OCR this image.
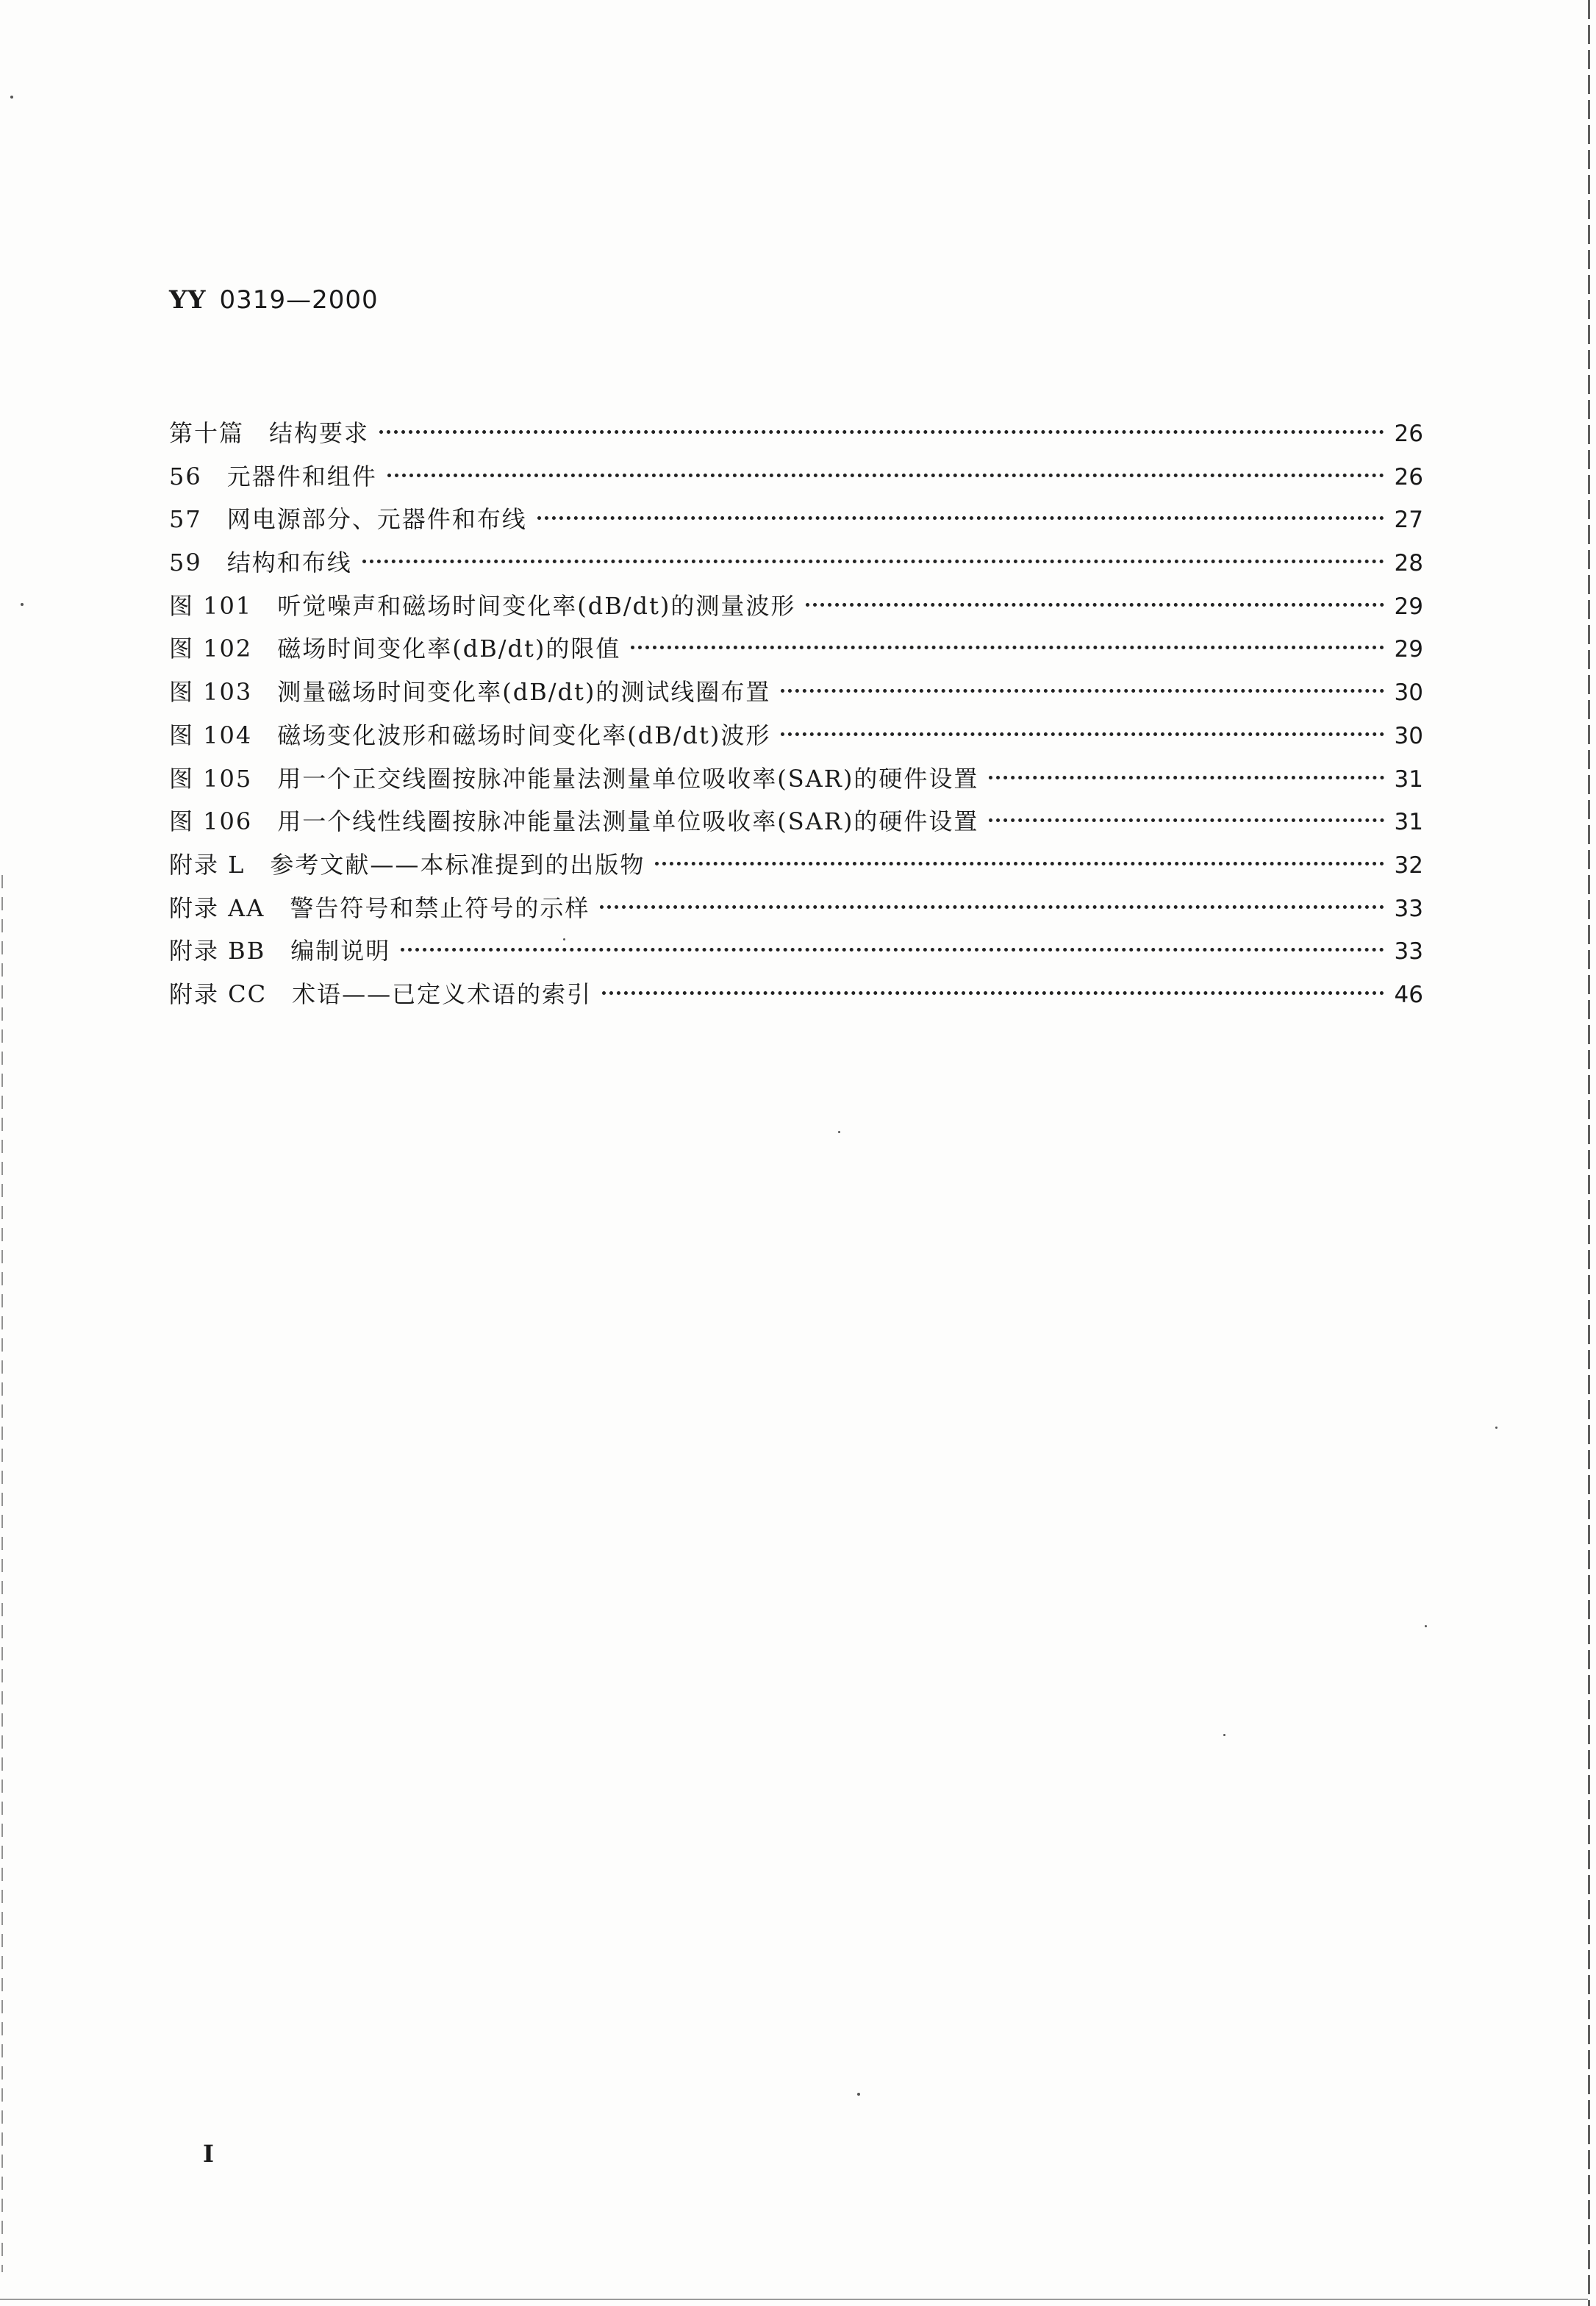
YY 0319—2000
第十篇　结构要求	26
56　元器件和组件	26
57　网电源部分、元器件和布线	27
59　结构和布线	28
图 101　听觉噪声和磁场时间变化率(dB/dt)的测量波形	29
图 102　磁场时间变化率(dB/dt)的限值	29
图 103　测量磁场时间变化率(dB/dt)的测试线圈布置	30
图 104　磁场变化波形和磁场时间变化率(dB/dt)波形	30
图 105　用一个正交线圈按脉冲能量法测量单位吸收率(SAR)的硬件设置	31
图 106　用一个线性线圈按脉冲能量法测量单位吸收率(SAR)的硬件设置	31
附录 L　参考文献——本标准提到的出版物	32
附录 AA　警告符号和禁止符号的示样	33
附录 BB　编制说明	33
附录 CC　术语——已定义术语的索引	46
I
